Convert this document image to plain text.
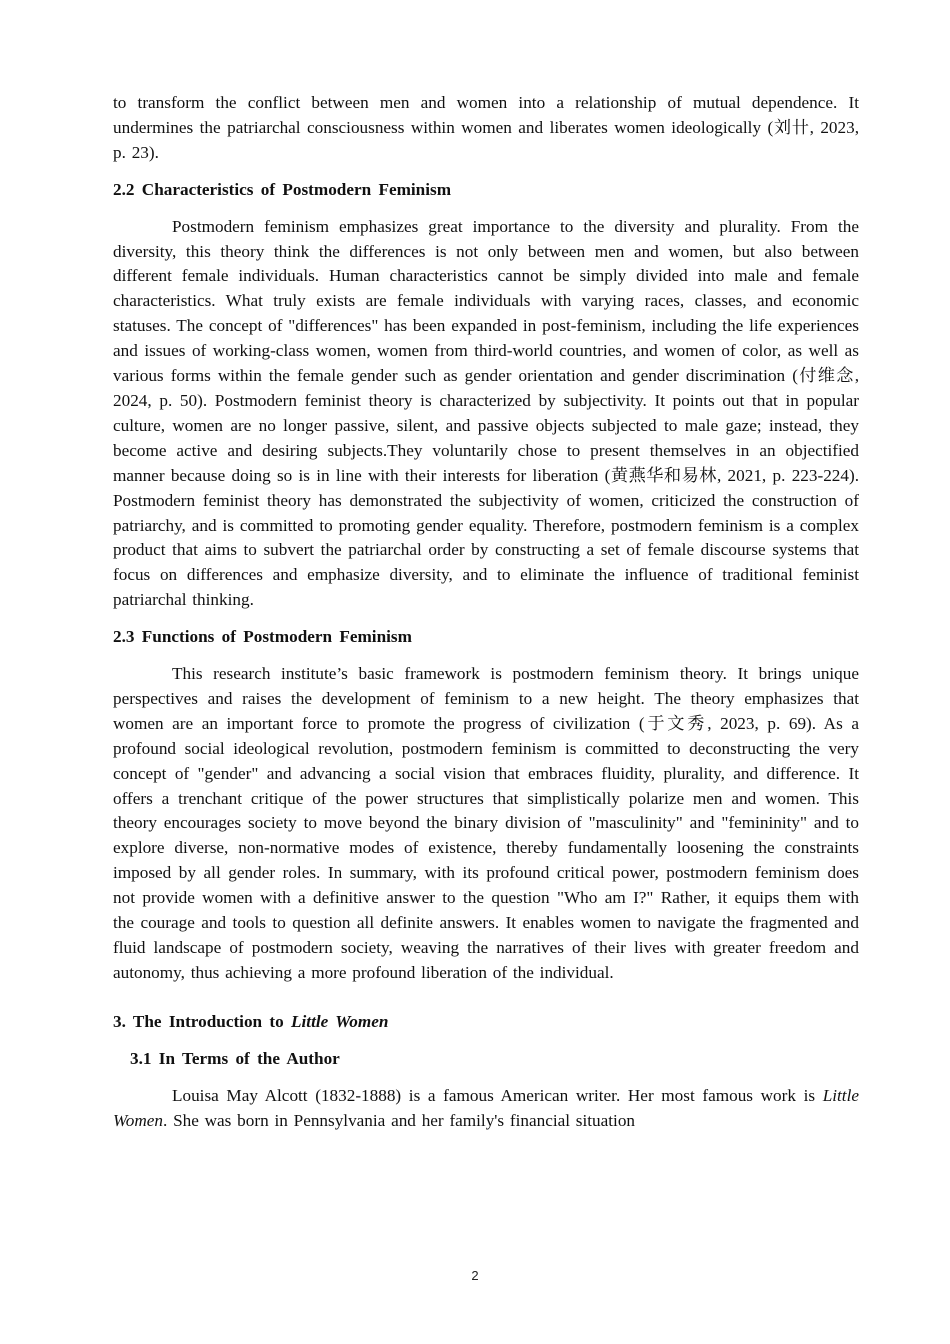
to transform the conflict between men and women into a relationship of mutual dependence. It undermines the patriarchal consciousness within women and liberates women ideologically (刘卄, 2023, p. 23).

2.2 Characteristics of Postmodern Feminism

Postmodern feminism emphasizes great importance to the diversity and plurality. From the diversity, this theory think the differences is not only between men and women, but also between different female individuals. Human characteristics cannot be simply divided into male and female characteristics. What truly exists are female individuals with varying races, classes, and economic statuses. The concept of "differences" has been expanded in post-feminism, including the life experiences and issues of working-class women, women from third-world countries, and women of color, as well as various forms within the female gender such as gender orientation and gender discrimination (付维念, 2024, p. 50). Postmodern feminist theory is characterized by subjectivity. It points out that in popular culture, women are no longer passive, silent, and passive objects subjected to male gaze; instead, they become active and desiring subjects.They voluntarily chose to present themselves in an objectified manner because doing so is in line with their interests for liberation (黄燕华和易林, 2021, p. 223-224). Postmodern feminist theory has demonstrated the subjectivity of women, criticized the construction of patriarchy, and is committed to promoting gender equality. Therefore, postmodern feminism is a complex product that aims to subvert the patriarchal order by constructing a set of female discourse systems that focus on differences and emphasize diversity, and to eliminate the influence of traditional feminist patriarchal thinking.

2.3 Functions of Postmodern Feminism

This research institute’s basic framework is postmodern feminism theory. It brings unique perspectives and raises the development of feminism to a new height. The theory emphasizes that women are an important force to promote the progress of civilization (于文秀, 2023, p. 69). As a profound social ideological revolution, postmodern feminism is committed to deconstructing the very concept of "gender" and advancing a social vision that embraces fluidity, plurality, and difference. It offers a trenchant critique of the power structures that simplistically polarize men and women. This theory encourages society to move beyond the binary division of "masculinity" and "femininity" and to explore diverse, non-normative modes of existence, thereby fundamentally loosening the constraints imposed by all gender roles. In summary, with its profound critical power, postmodern feminism does not provide women with a definitive answer to the question "Who am I?" Rather, it equips them with the courage and tools to question all definite answers. It enables women to navigate the fragmented and fluid landscape of postmodern society, weaving the narratives of their lives with greater freedom and autonomy, thus achieving a more profound liberation of the individual.

3. The Introduction to Little Women
3.1 In Terms of the Author

Louisa May Alcott (1832-1888) is a famous American writer. Her most famous work is Little Women. She was born in Pennsylvania and her family's financial situation

2
